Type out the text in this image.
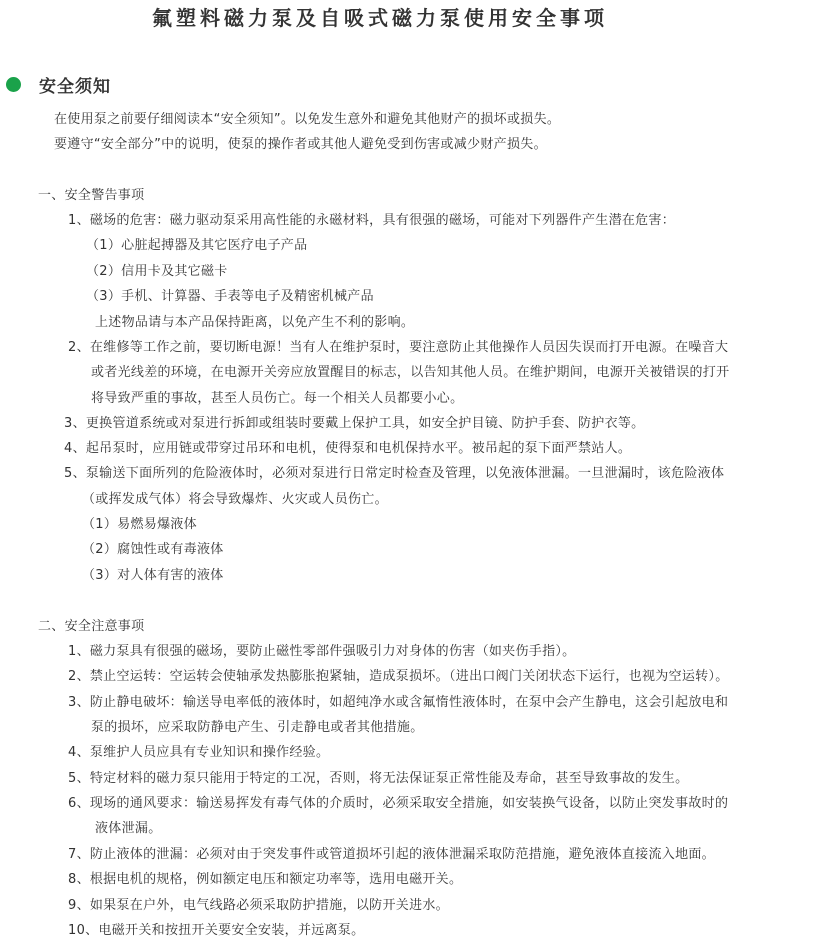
氟塑料磁力泵及自吸式磁力泵使用安全事项
安全须知
在使用泵之前要仔细阅读本“安全须知”。以免发生意外和避免其他财产的损坏或损失。
要遵守“安全部分”中的说明，使泵的操作者或其他人避免受到伤害或减少财产损失。
一、安全警告事项
1、磁场的危害：磁力驱动泵采用高性能的永磁材料，具有很强的磁场，可能对下列器件产生潜在危害：
（1）心脏起搏器及其它医疗电子产品
（2）信用卡及其它磁卡
（3）手机、计算器、手表等电子及精密机械产品
上述物品请与本产品保持距离，以免产生不利的影响。
2、在维修等工作之前，要切断电源！当有人在维护泵时，要注意防止其他操作人员因失误而打开电源。在噪音大
或者光线差的环境，在电源开关旁应放置醒目的标志，以告知其他人员。在维护期间，电源开关被错误的打开
将导致严重的事故，甚至人员伤亡。每一个相关人员都要小心。
3、更换管道系统或对泵进行拆卸或组装时要戴上保护工具，如安全护目镜、防护手套、防护衣等。
4、起吊泵时，应用链或带穿过吊环和电机，使得泵和电机保持水平。被吊起的泵下面严禁站人。
5、泵输送下面所列的危险液体时，必须对泵进行日常定时检查及管理，以免液体泄漏。一旦泄漏时，该危险液体
（或挥发成气体）将会导致爆炸、火灾或人员伤亡。
（1）易燃易爆液体
（2）腐蚀性或有毒液体
（3）对人体有害的液体
二、安全注意事项
1、磁力泵具有很强的磁场，要防止磁性零部件强吸引力对身体的伤害（如夹伤手指）。
2、禁止空运转：空运转会使轴承发热膨胀抱紧轴，造成泵损坏。（进出口阀门关闭状态下运行，也视为空运转）。
3、防止静电破坏：输送导电率低的液体时，如超纯净水或含氟惰性液体时，在泵中会产生静电，这会引起放电和
泵的损坏，应采取防静电产生、引走静电或者其他措施。
4、泵维护人员应具有专业知识和操作经验。
5、特定材料的磁力泵只能用于特定的工况，否则，将无法保证泵正常性能及寿命，甚至导致事故的发生。
6、现场的通风要求：输送易挥发有毒气体的介质时，必须采取安全措施，如安装换气设备，以防止突发事故时的
液体泄漏。
7、防止液体的泄漏：必须对由于突发事件或管道损坏引起的液体泄漏采取防范措施，避免液体直接流入地面。
8、根据电机的规格，例如额定电压和额定功率等，选用电磁开关。
9、如果泵在户外，电气线路必须采取防护措施，以防开关进水。
10、电磁开关和按扭开关要安全安装，并远离泵。
